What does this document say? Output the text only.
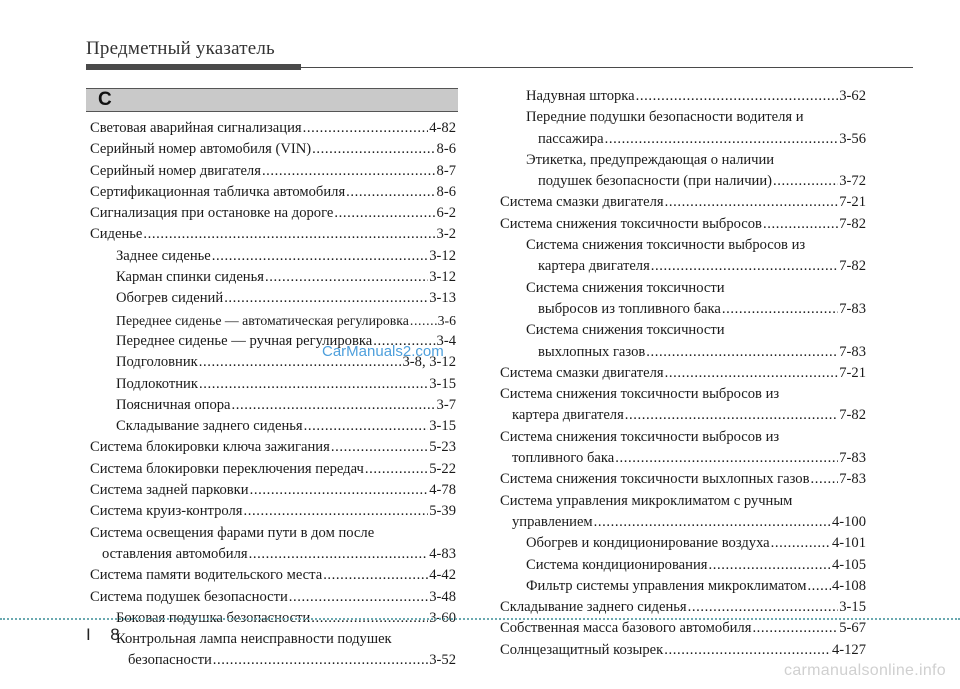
Предметный указатель
C
Световая аварийная сигнализация .....	4-82
Серийный номер автомобиля (VIN) .....	8-6
Серийный номер двигателя .....	8-7
Сертификационная табличка автомобиля .....	8-6
Сигнализация при остановке на дороге .....	6-2
Сиденье .....	3-2
Заднее сиденье .....	3-12
Карман спинки сиденья .....	3-12
Обогрев сидений .....	3-13
Переднее сиденье — автоматическая регулировка ..... 3-6
Переднее сиденье — ручная регулировка .....	3-4
Подголовник .....	3-8, 3-12
Подлокотник .....	3-15
Поясничная опора .....	3-7
Складывание заднего сиденья .....	3-15
Система блокировки ключа зажигания .....	5-23
Система блокировки переключения передач .....	5-22
Система задней парковки .....	4-78
Система круиз-контроля .....	5-39
Система освещения фарами пути в дом после
оставления автомобиля .....	4-83
Система памяти водительского места .....	4-42
Система подушек безопасности .....	3-48
Боковая подушка безопасности .....	3-60
Контрольная лампа неисправности подушек
безопасности .....	3-52
Надувная шторка .....	3-62
Передние подушки безопасности водителя и
пассажира .....	3-56
Этикетка, предупреждающая о наличии
подушек безопасности (при наличии) .....	3-72
Система смазки двигателя .....	7-21
Система снижения токсичности выбросов .....	7-82
Система снижения токсичности выбросов из
картера двигателя .....	7-82
Система снижения токсичности
выбросов из топливного бака .....	7-83
Система снижения токсичности
выхлопных газов .....	7-83
Система смазки двигателя .....	7-21
Система снижения токсичности выбросов из
картера двигателя .....	7-82
Система снижения токсичности выбросов из
топливного бака .....	7-83
Система снижения токсичности выхлопных газов ..... 7-83
Система управления микроклиматом с ручным
управлением .....	4-100
Обогрев и кондиционирование воздуха .....	4-101
Система кондиционирования .....	4-105
Фильтр системы управления микроклиматом ..... 4-108
Складывание заднего сиденья .....	3-15
Собственная масса базового автомобиля .....	5-67
Солнцезащитный козырек .....	4-127
CarManuals2.com
I 8
carmanualsonline.info
